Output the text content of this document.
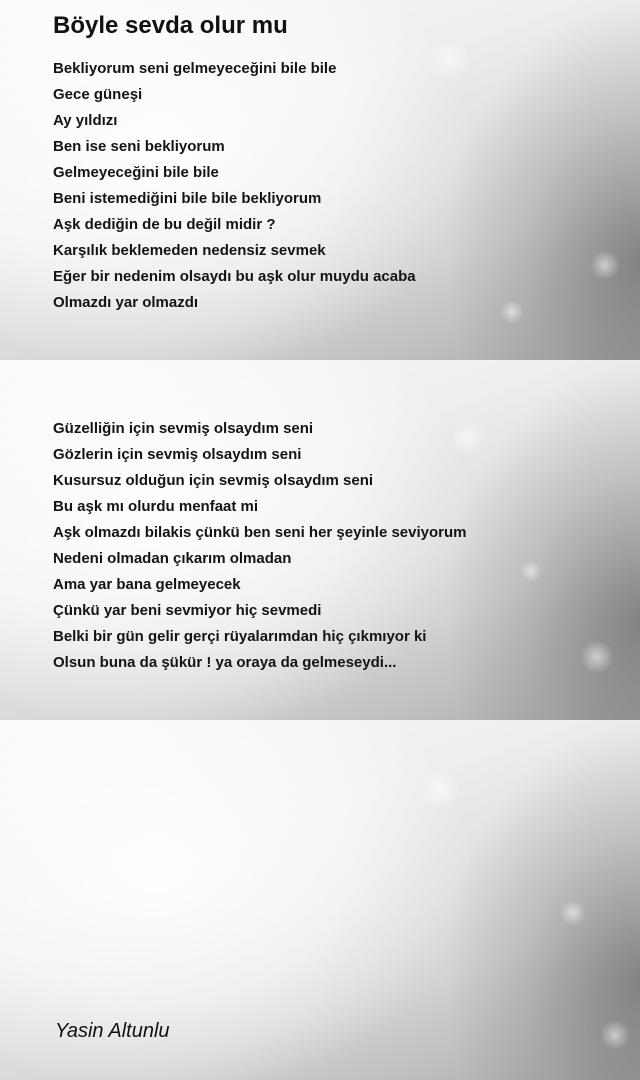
Böyle sevda olur mu
Bekliyorum seni gelmeyeceğini bile bile
Gece güneşi
Ay yıldızı
Ben ise seni bekliyorum
Gelmeyeceğini bile bile
Beni istemediğini bile bile bekliyorum
Aşk dediğin de bu değil midir ?
Karşılık beklemeden nedensiz sevmek
Eğer bir nedenim olsaydı bu aşk olur muydu acaba
Olmazdı yar olmazdı
Güzelliğin için sevmiş olsaydım seni
Gözlerin için sevmiş olsaydım seni
Kusursuz olduğun için sevmiş olsaydım seni
Bu aşk mı olurdu menfaat mi
Aşk olmazdı bilakis çünkü ben seni her şeyinle seviyorum
Nedeni olmadan çıkarım olmadan
Ama yar bana gelmeyecek
Çünkü yar beni sevmiyor hiç sevmedi
Belki bir gün gelir gerçi rüyalarımdan hiç çıkmıyor ki
Olsun buna da şükür ! ya oraya da gelmeseydi...
Yasin Altunlu
